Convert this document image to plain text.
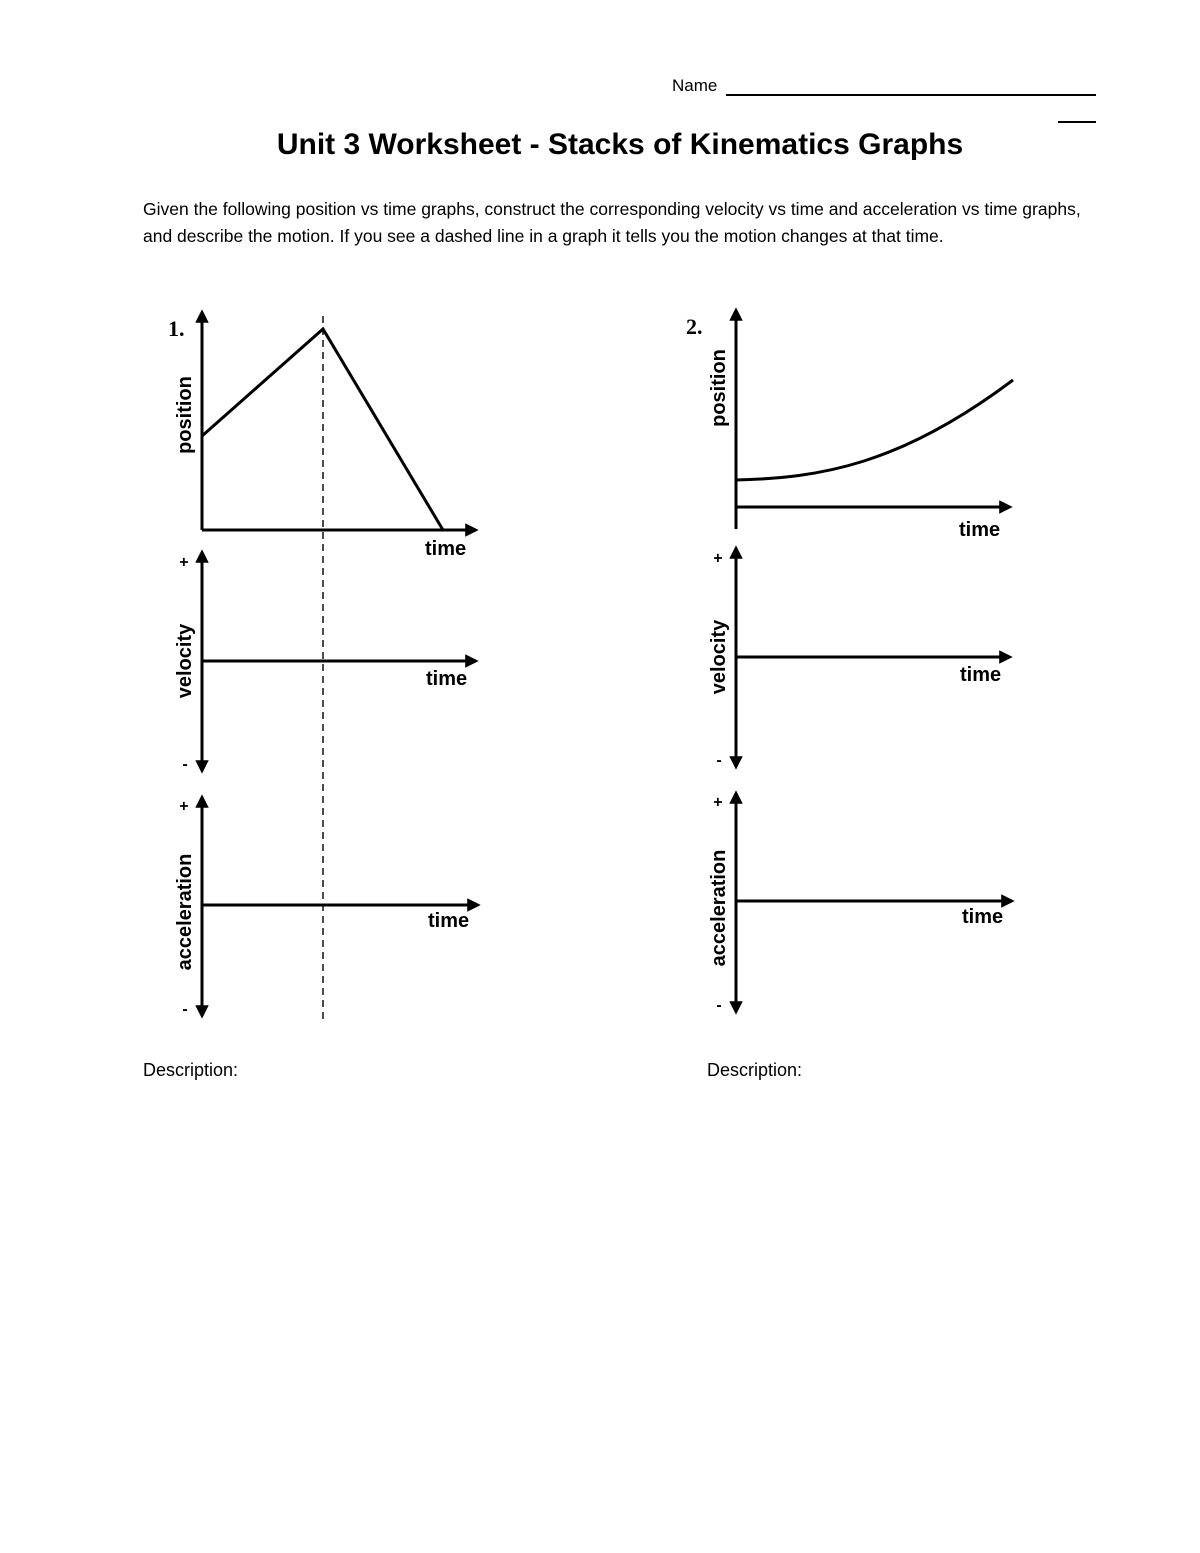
Name
Unit 3 Worksheet - Stacks of Kinematics Graphs
Given the following position vs time graphs, construct the corresponding velocity vs time and acceleration vs time graphs, and describe the motion. If you see a dashed line in a graph it tells you the motion changes at that time.
1.
position
time
velocity	time
+
-
acceleration	time
+
-
2.
position
time
velocity	time
+
-
acceleration	time
+
-
Description:	Description:
